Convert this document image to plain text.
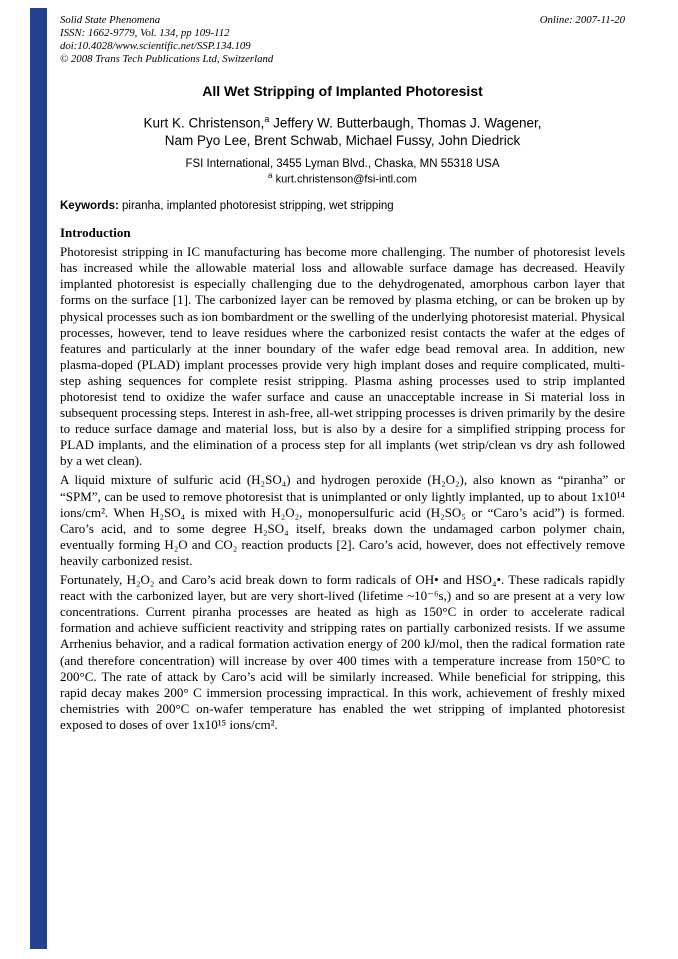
Solid State Phenomena
ISSN: 1662-9779, Vol. 134, pp 109-112
doi:10.4028/www.scientific.net/SSP.134.109
© 2008 Trans Tech Publications Ltd, Switzerland
Online: 2007-11-20
All Wet Stripping of Implanted Photoresist
Kurt K. Christenson,$^a$ Jeffery W. Butterbaugh, Thomas J. Wagener,
Nam Pyo Lee, Brent Schwab, Michael Fussy, John Diedrick
FSI International, 3455 Lyman Blvd., Chaska, MN 55318 USA
$^a$ kurt.christenson@fsi-intl.com
Keywords: piranha, implanted photoresist stripping, wet stripping
Introduction

Photoresist stripping in IC manufacturing has become more challenging. The number of photoresist levels has increased while the allowable material loss and allowable surface damage has decreased. Heavily implanted photoresist is especially challenging due to the dehydrogenated, amorphous carbon layer that forms on the surface [1]. The carbonized layer can be removed by plasma etching, or can be broken up by physical processes such as ion bombardment or the swelling of the underlying photoresist material. Physical processes, however, tend to leave residues where the carbonized resist contacts the wafer at the edges of features and particularly at the inner boundary of the wafer edge bead removal area. In addition, new plasma-doped (PLAD) implant processes provide very high implant doses and require complicated, multi-step ashing sequences for complete resist stripping. Plasma ashing processes used to strip implanted photoresist tend to oxidize the wafer surface and cause an unacceptable increase in Si material loss in subsequent processing steps. Interest in ash-free, all-wet stripping processes is driven primarily by the desire to reduce surface damage and material loss, but is also by a desire for a simplified stripping process for PLAD implants, and the elimination of a process step for all implants (wet strip/clean vs dry ash followed by a wet clean).

A liquid mixture of sulfuric acid (H₂SO₄) and hydrogen peroxide (H₂O₂), also known as “piranha” or “SPM”, can be used to remove photoresist that is unimplanted or only lightly implanted, up to about 1x10¹⁴ ions/cm². When H₂SO₄ is mixed with H₂O₂, monopersulfuric acid (H₂SO₅ or “Caro’s acid”) is formed. Caro’s acid, and to some degree H₂SO₄ itself, breaks down the undamaged carbon polymer chain, eventually forming H₂O and CO₂ reaction products [2]. Caro’s acid, however, does not effectively remove heavily carbonized resist.

Fortunately, H₂O₂ and Caro’s acid break down to form radicals of OH• and HSO₄•. These radicals rapidly react with the carbonized layer, but are very short-lived (lifetime ~10⁻⁶s,) and so are present at a very low concentrations. Current piranha processes are heated as high as 150°C in order to accelerate radical formation and achieve sufficient reactivity and stripping rates on partially carbonized resists. If we assume Arrhenius behavior, and a radical formation activation energy of 200 kJ/mol, then the radical formation rate (and therefore concentration) will increase by over 400 times with a temperature increase from 150°C to 200°C. The rate of attack by Caro’s acid will be similarly increased. While beneficial for stripping, this rapid decay makes 200° C immersion processing impractical. In this work, achievement of freshly mixed chemistries with 200°C on-wafer temperature has enabled the wet stripping of implanted photoresist exposed to doses of over 1x10¹⁵ ions/cm².
